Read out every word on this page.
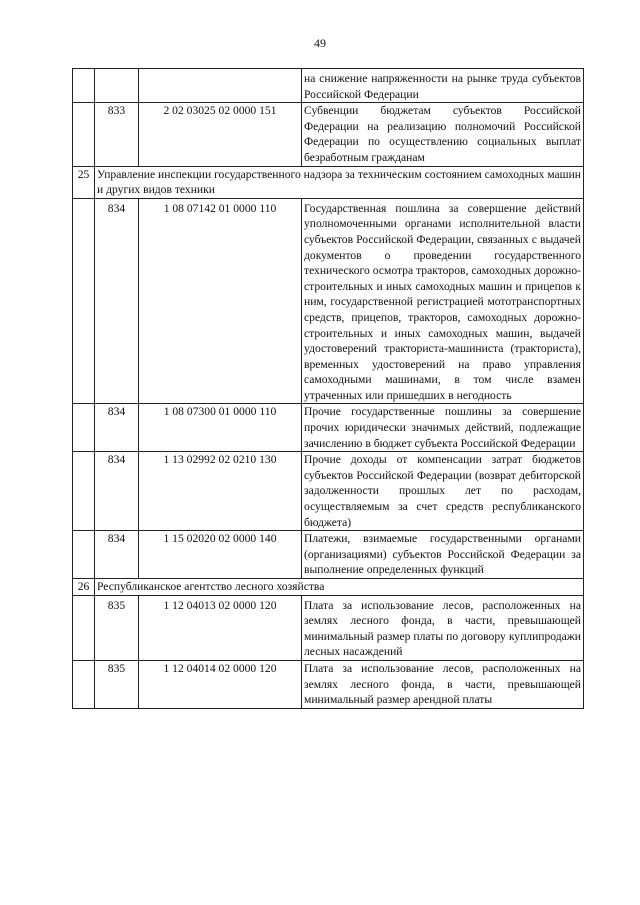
49
			на снижение напряженности на рынке труда субъектов Российской Федерации
	833	2 02 03025 02 0000 151	Субвенции бюджетам субъектов Российской Федерации на реализацию полномочий Российской Федерации по осуществлению социальных выплат безработным гражданам
25	Управление инспекции государственного надзора за техническим состоянием самоходных машин и других видов техники		
	834	1 08 07142 01 0000 110	Государственная пошлина за совершение действий уполномоченными органами исполнительной власти субъектов Российской Федерации, связанных с выдачей документов о проведении государственного технического осмотра тракторов, самоходных дорожно-строительных и иных самоходных машин и прицепов к ним, государственной регистрацией мототранспортных средств, прицепов, тракторов, самоходных дорожно-строительных и иных самоходных машин, выдачей удостоверений тракториста-машиниста (тракториста), временных удостоверений на право управления самоходными машинами, в том числе взамен утраченных или пришедших в негодность
	834	1 08 07300 01 0000 110	Прочие государственные пошлины за совершение прочих юридически значимых действий, подлежащие зачислению в бюджет субъекта Российской Федерации
	834	1 13 02992 02 0210 130	Прочие доходы от компенсации затрат бюджетов субъектов Российской Федерации (возврат дебиторской задолженности прошлых лет по расходам, осуществляемым за счет средств республиканского бюджета)
	834	1 15 02020 02 0000 140	Платежи, взимаемые государственными органами (организациями) субъектов Российской Федерации за выполнение определенных функций
26	Республиканское агентство лесного хозяйства		
	835	1 12 04013 02 0000 120	Плата за использование лесов, расположенных на землях лесного фонда, в части, превышающей минимальный размер платы по договору куплипродажи лесных насаждений
	835	1 12 04014 02 0000 120	Плата за использование лесов, расположенных на землях лесного фонда, в части, превышающей минимальный размер арендной платы
